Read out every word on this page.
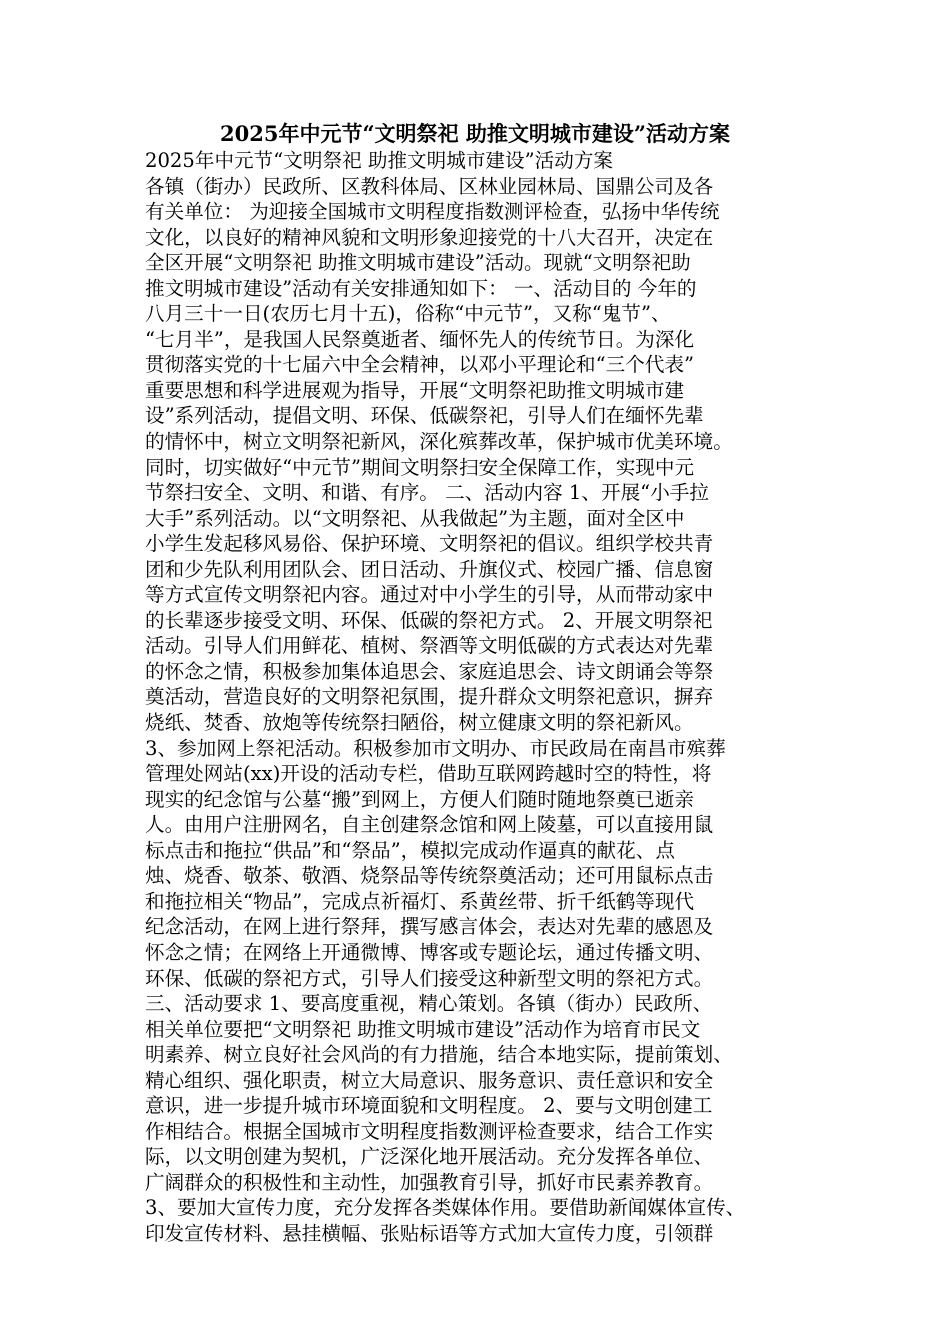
2025年中元节“文明祭祀 助推文明城市建设”活动方案
2025年中元节“文明祭祀 助推文明城市建设”活动方案
各镇（街办）民政所、区教科体局、区林业园林局、国鼎公司及各
有关单位： 为迎接全国城市文明程度指数测评检查，弘扬中华传统
文化，以良好的精神风貌和文明形象迎接党的十八大召开，决定在
全区开展“文明祭祀 助推文明城市建设”活动。现就“文明祭祀助
推文明城市建设”活动有关安排通知如下： 一、活动目的 今年的
八月三十一日(农历七月十五)，俗称“中元节”，又称“鬼节”、
“七月半”，是我国人民祭奠逝者、缅怀先人的传统节日。为深化
贯彻落实党的十七届六中全会精神，以邓小平理论和“三个代表”
重要思想和科学进展观为指导，开展“文明祭祀助推文明城市建
设”系列活动，提倡文明、环保、低碳祭祀，引导人们在缅怀先辈
的情怀中，树立文明祭祀新风，深化殡葬改革，保护城市优美环境。
同时，切实做好“中元节”期间文明祭扫安全保障工作，实现中元
节祭扫安全、文明、和谐、有序。 二、活动内容 1、开展“小手拉
大手”系列活动。以“文明祭祀、从我做起”为主题，面对全区中
小学生发起移风易俗、保护环境、文明祭祀的倡议。组织学校共青
团和少先队利用团队会、团日活动、升旗仪式、校园广播、信息窗
等方式宣传文明祭祀内容。通过对中小学生的引导，从而带动家中
的长辈逐步接受文明、环保、低碳的祭祀方式。 2、开展文明祭祀
活动。引导人们用鲜花、植树、祭酒等文明低碳的方式表达对先辈
的怀念之情，积极参加集体追思会、家庭追思会、诗文朗诵会等祭
奠活动，营造良好的文明祭祀氛围，提升群众文明祭祀意识，摒弃
烧纸、焚香、放炮等传统祭扫陋俗，树立健康文明的祭祀新风。
3、参加网上祭祀活动。积极参加市文明办、市民政局在南昌市殡葬
管理处网站(xx)开设的活动专栏，借助互联网跨越时空的特性，将
现实的纪念馆与公墓“搬”到网上，方便人们随时随地祭奠已逝亲
人。由用户注册网名，自主创建祭念馆和网上陵墓，可以直接用鼠
标点击和拖拉“供品”和“祭品”，模拟完成动作逼真的献花、点
烛、烧香、敬茶、敬酒、烧祭品等传统祭奠活动；还可用鼠标点击
和拖拉相关“物品”，完成点祈福灯、系黄丝带、折千纸鹤等现代
纪念活动，在网上进行祭拜，撰写感言体会，表达对先辈的感恩及
怀念之情；在网络上开通微博、博客或专题论坛，通过传播文明、
环保、低碳的祭祀方式，引导人们接受这种新型文明的祭祀方式。
三、活动要求 1、要高度重视，精心策划。各镇（街办）民政所、
相关单位要把“文明祭祀 助推文明城市建设”活动作为培育市民文
明素养、树立良好社会风尚的有力措施，结合本地实际，提前策划、
精心组织、强化职责，树立大局意识、服务意识、责任意识和安全
意识，进一步提升城市环境面貌和文明程度。 2、要与文明创建工
作相结合。根据全国城市文明程度指数测评检查要求，结合工作实
际，以文明创建为契机，广泛深化地开展活动。充分发挥各单位、
广阔群众的积极性和主动性，加强教育引导，抓好市民素养教育。
3、要加大宣传力度，充分发挥各类媒体作用。要借助新闻媒体宣传、
印发宣传材料、悬挂横幅、张贴标语等方式加大宣传力度，引领群
